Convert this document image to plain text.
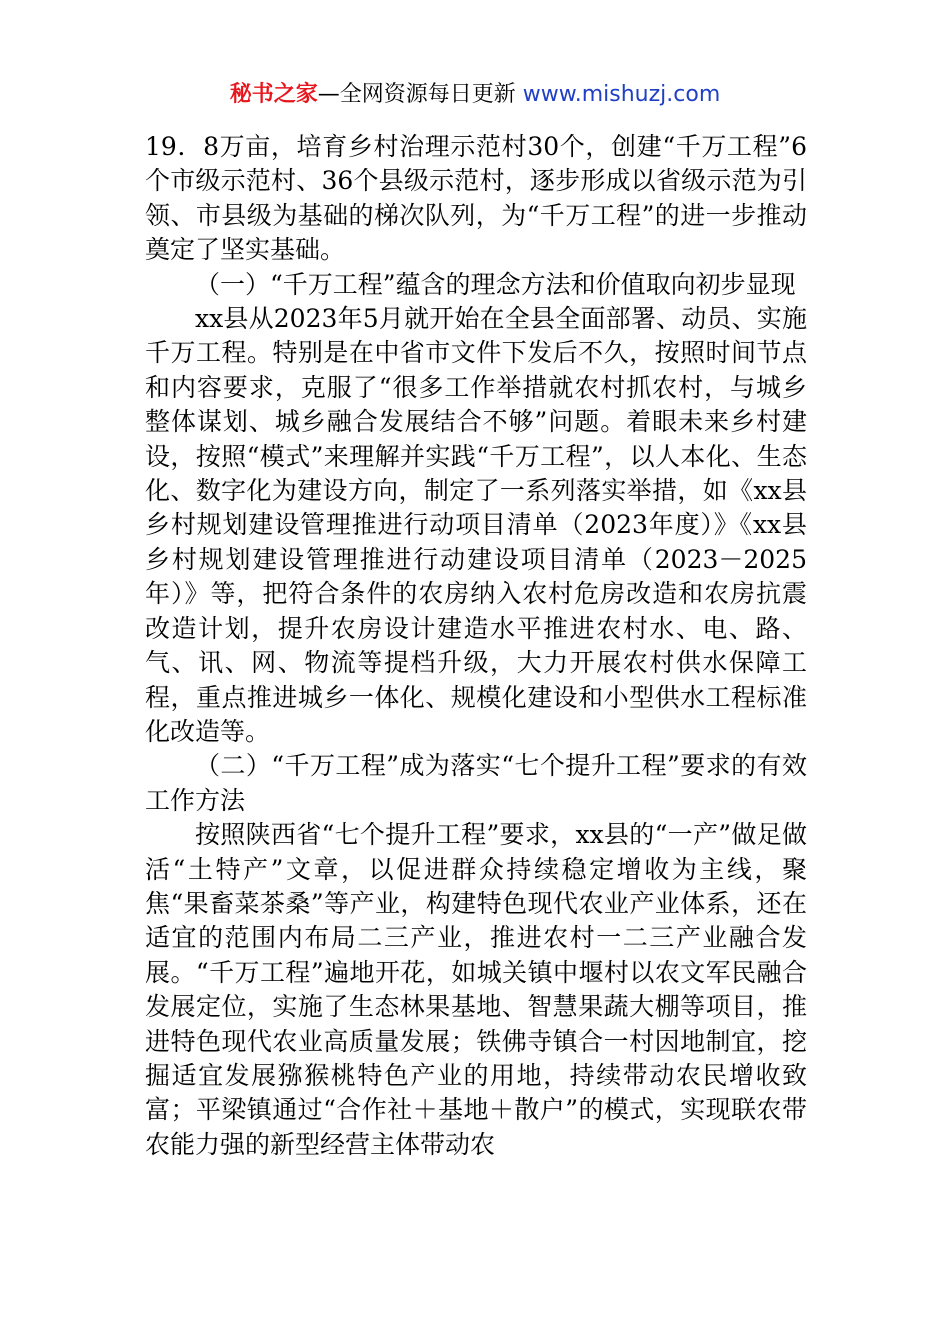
秘书之家—全网资源每日更新 www.mishuzj.com

19．8万亩，培育乡村治理示范村30个，创建“千万工程”6个市级示范村、36个县级示范村，逐步形成以省级示范为引领、市县级为基础的梯次队列，为“千万工程”的进一步推动奠定了坚实基础。

（一）“千万工程”蕴含的理念方法和价值取向初步显现

xx县从2023年5月就开始在全县全面部署、动员、实施千万工程。特别是在中省市文件下发后不久，按照时间节点和内容要求，克服了“很多工作举措就农村抓农村，与城乡整体谋划、城乡融合发展结合不够”问题。着眼未来乡村建设，按照“模式”来理解并实践“千万工程”，以人本化、生态化、数字化为建设方向，制定了一系列落实举措，如《xx县乡村规划建设管理推进行动项目清单（2023年度）》《xx县乡村规划建设管理推进行动建设项目清单（2023－2025年）》等，把符合条件的农房纳入农村危房改造和农房抗震改造计划，提升农房设计建造水平推进农村水、电、路、气、讯、网、物流等提档升级，大力开展农村供水保障工程，重点推进城乡一体化、规模化建设和小型供水工程标准化改造等。

（二）“千万工程”成为落实“七个提升工程”要求的有效工作方法

按照陕西省“七个提升工程”要求，xx县的“一产”做足做活“土特产”文章，以促进群众持续稳定增收为主线，聚焦“果畜菜茶桑”等产业，构建特色现代农业产业体系，还在适宜的范围内布局二三产业，推进农村一二三产业融合发展。“千万工程”遍地开花，如城关镇中堰村以农文军民融合发展定位，实施了生态林果基地、智慧果蔬大棚等项目，推进特色现代农业高质量发展；铁佛寺镇合一村因地制宜，挖掘适宜发展猕猴桃特色产业的用地，持续带动农民增收致富；平梁镇通过“合作社＋基地＋散户”的模式，实现联农带农能力强的新型经营主体带动农
